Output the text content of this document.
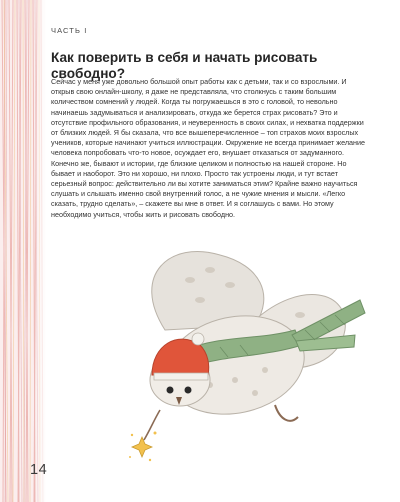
ЧАСТЬ I
Как поверить в себя и начать рисовать свободно?

Сейчас у меня уже довольно большой опыт работы как с детьми, так и со взрослыми. И открыв свою онлайн-школу, я даже не представляла, что столкнусь с таким большим количеством сомнений у людей. Когда ты погружаешься в это с головой, то невольно начинаешь задумываться и анализировать, откуда же берется страх рисовать? Это и отсутствие профильного образования, и неуверенность в своих силах, и нехватка поддержки от близких людей. Я бы сказала, что все вышеперечисленное – топ страхов моих взрослых учеников, которые начинают учиться иллюстрации. Окружение не всегда принимает желание человека попробовать что-то новое, осуждает его, внушает отказаться от задуманного. Конечно же, бывают и истории, где близкие целиком и полностью на нашей стороне. Но бывает и наоборот. Это ни хорошо, ни плохо. Просто так устроены люди, и тут встает серьезный вопрос: действительно ли вы хотите заниматься этим? Крайне важно научиться слушать и слышать именно свой внутренний голос, а не чужие мнения и мысли. «Легко сказать, трудно сделать», – скажете вы мне в ответ. И я соглашусь с вами. Но этому необходимо учиться, чтобы жить и рисовать свободно.

14
